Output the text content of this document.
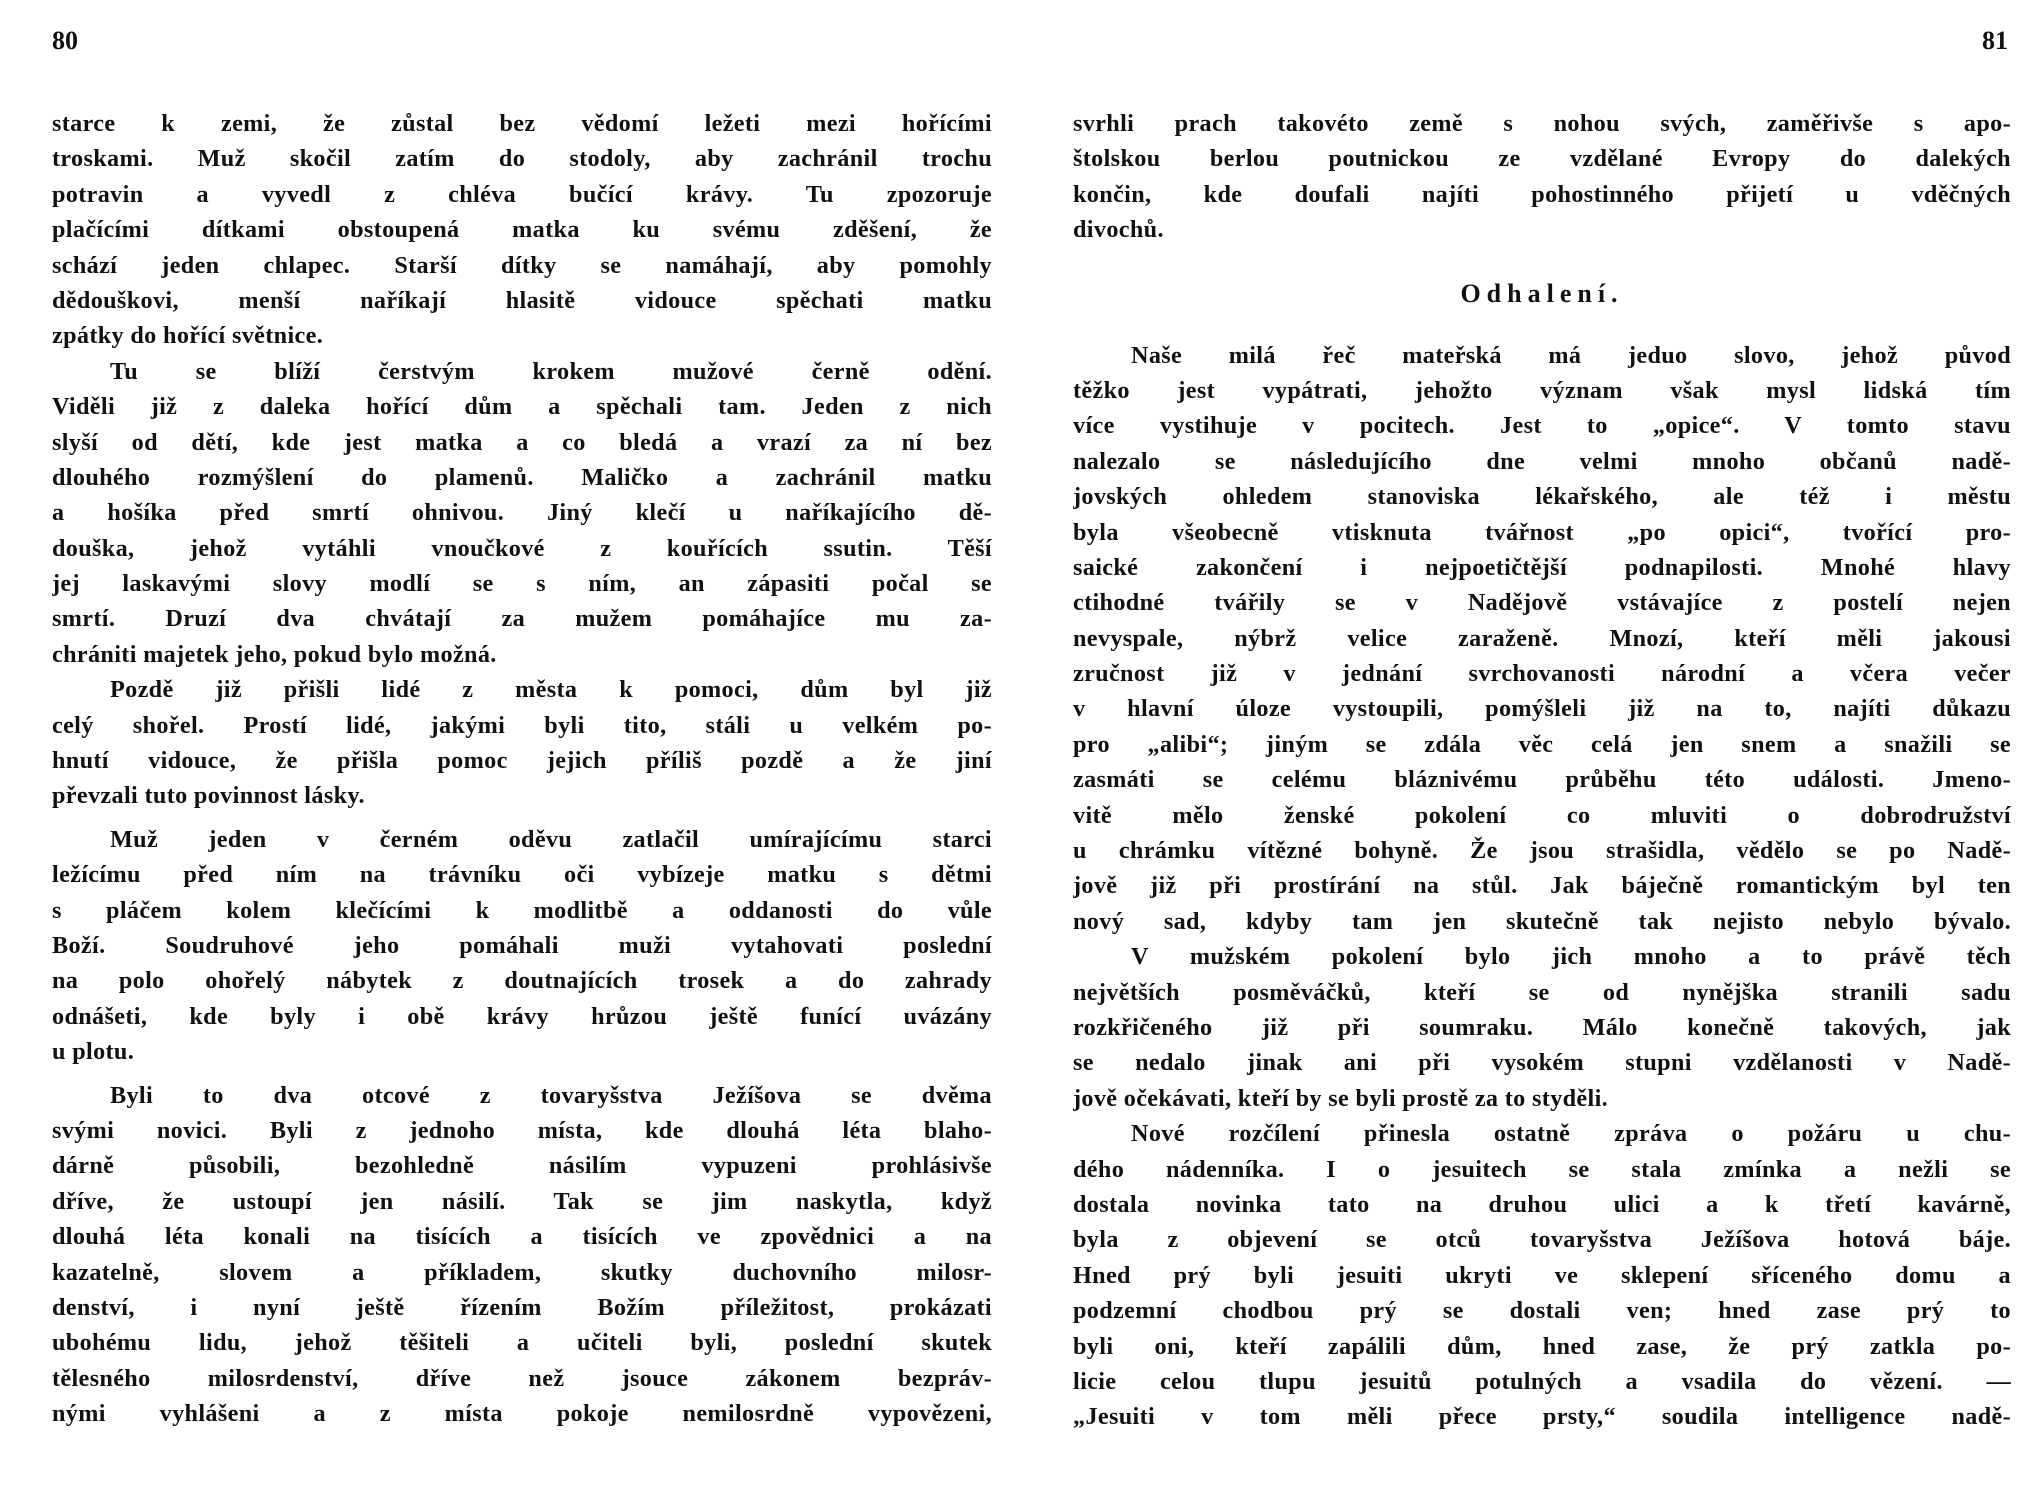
80
starce k zemi, že zůstal bez vědomí ležeti mezi hořícími
troskami. Muž skočil zatím do stodoly, aby zachránil trochu
potravin a vyvedl z chléva bučící krávy. Tu zpozoruje
plačícími dítkami obstoupená matka ku svému zděšení, že
schází jeden chlapec. Starší dítky se namáhají, aby pomohly
dědouškovi, menší naříkají hlasitě vidouce spěchati matku
zpátky do hořící světnice.
Tu se blíží čerstvým krokem mužové černě odění.
Viděli již z daleka hořící dům a spěchali tam. Jeden z nich
slyší od dětí, kde jest matka a co bledá a vrazí za ní bez
dlouhého rozmýšlení do plamenů. Maličko a zachránil matku
a hošíka před smrtí ohnivou. Jiný klečí u naříkajícího dě-
douška, jehož vytáhli vnoučkové z kouřících ssutin. Těší
jej laskavými slovy modlí se s ním, an zápasiti počal se
smrtí. Druzí dva chvátají za mužem pomáhajíce mu za-
chrániti majetek jeho, pokud bylo možná.
Pozdě již přišli lidé z města k pomoci, dům byl již
celý shořel. Prostí lidé, jakými byli tito, stáli u velkém po-
hnutí vidouce, že přišla pomoc jejich příliš pozdě a že jiní
převzali tuto povinnost lásky.
Muž jeden v černém oděvu zatlačil umírajícímu starci
ležícímu před ním na trávníku oči vybízeje matku s dětmi
s pláčem kolem klečícími k modlitbě a oddanosti do vůle
Boží. Soudruhové jeho pomáhali muži vytahovati poslední
na polo ohořelý nábytek z doutnajících trosek a do zahrady
odnášeti, kde byly i obě krávy hrůzou ještě funící uvázány
u plotu.
Byli to dva otcové z tovaryšstva Ježíšova se dvěma
svými novici. Byli z jednoho místa, kde dlouhá léta blaho-
dárně působili, bezohledně násilím vypuzeni prohlásivše
dříve, že ustoupí jen násilí. Tak se jim naskytla, když
dlouhá léta konali na tisících a tisících ve zpovědnici a na
kazatelně, slovem a příkladem, skutky duchovního milosr-
denství, i nyní ještě řízením Božím příležitost, prokázati
ubohému lidu, jehož těšiteli a učiteli byli, poslední skutek
tělesného milosrdenství, dříve než jsouce zákonem bezpráv-
nými vyhlášeni a z místa pokoje nemilosrdně vypovězeni,
81
svrhli prach takovéto země s nohou svých, zaměřivše s apo-
štolskou berlou poutnickou ze vzdělané Evropy do dalekých
končin, kde doufali najíti pohostinného přijetí u vděčných
divochů.
Odhalení.
Naše milá řeč mateřská má jeduo slovo, jehož původ
těžko jest vypátrati, jehožto význam však mysl lidská tím
více vystihuje v pocitech. Jest to „opice“. V tomto stavu
nalezalo se následujícího dne velmi mnoho občanů nadě-
jovských ohledem stanoviska lékařského, ale též i městu
byla všeobecně vtisknuta tvářnost „po opici“, tvořící pro-
saické zakončení i nejpoetičtější podnapilosti. Mnohé hlavy
ctihodné tvářily se v Nadějově vstávajíce z postelí nejen
nevyspale, nýbrž velice zaraženě. Mnozí, kteří měli jakousi
zručnost již v jednání svrchovanosti národní a včera večer
v hlavní úloze vystoupili, pomýšleli již na to, najíti důkazu
pro „alibi“; jiným se zdála věc celá jen snem a snažili se
zasmáti se celému bláznivému průběhu této události. Jmeno-
vitě mělo ženské pokolení co mluviti o dobrodružství
u chrámku vítězné bohyně. Že jsou strašidla, vědělo se po Nadě-
jově již při prostírání na stůl. Jak báječně romantickým byl ten
nový sad, kdyby tam jen skutečně tak nejisto nebylo bývalo.
V mužském pokolení bylo jich mnoho a to právě těch
největších posměváčků, kteří se od nynějška stranili sadu
rozkřičeného již při soumraku. Málo konečně takových, jak
se nedalo jinak ani při vysokém stupni vzdělanosti v Nadě-
jově očekávati, kteří by se byli prostě za to styděli.
Nové rozčílení přinesla ostatně zpráva o požáru u chu-
dého nádenníka. I o jesuitech se stala zmínka a nežli se
dostala novinka tato na druhou ulici a k třetí kavárně,
byla z objevení se otců tovaryšstva Ježíšova hotová báje.
Hned prý byli jesuiti ukryti ve sklepení sříceného domu a
podzemní chodbou prý se dostali ven; hned zase prý to
byli oni, kteří zapálili dům, hned zase, že prý zatkla po-
licie celou tlupu jesuitů potulných a vsadila do vězení. —
„Jesuiti v tom měli přece prsty,“ soudila intelligence nadě-
